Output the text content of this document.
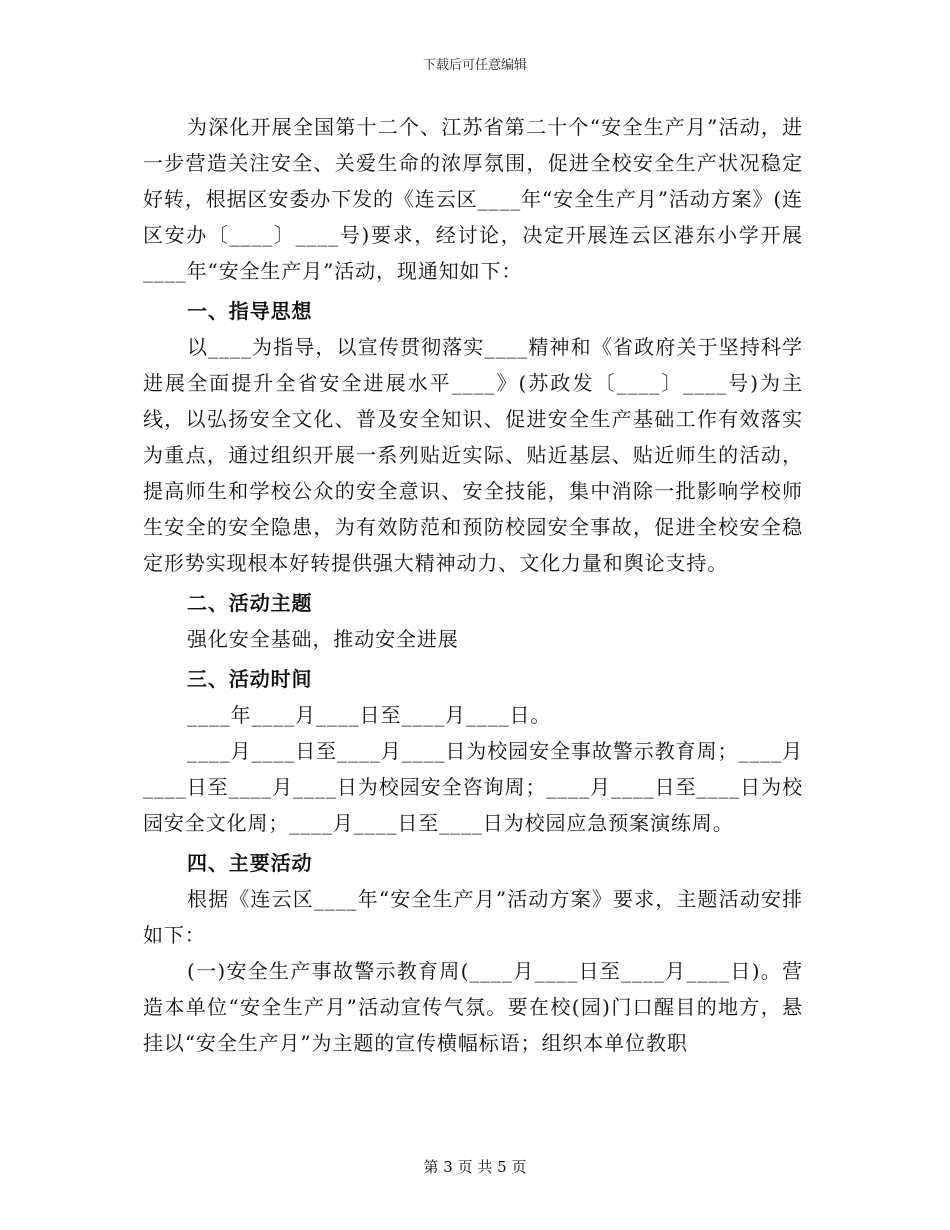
下载后可任意编辑

为深化开展全国第十二个、江苏省第二十个“安全生产月”活动，进一步营造关注安全、关爱生命的浓厚氛围，促进全校安全生产状况稳定好转，根据区安委办下发的《连云区____年“安全生产月”活动方案》(连区安办〔____〕____号)要求，经讨论，决定开展连云区港东小学开展____年“安全生产月”活动，现通知如下：

一、指导思想

以____为指导，以宣传贯彻落实____精神和《省政府关于坚持科学进展全面提升全省安全进展水平____》(苏政发〔____〕____号)为主线，以弘扬安全文化、普及安全知识、促进安全生产基础工作有效落实为重点，通过组织开展一系列贴近实际、贴近基层、贴近师生的活动，提高师生和学校公众的安全意识、安全技能，集中消除一批影响学校师生安全的安全隐患，为有效防范和预防校园安全事故，促进全校安全稳定形势实现根本好转提供强大精神动力、文化力量和舆论支持。

二、活动主题

强化安全基础，推动安全进展

三、活动时间

____年____月____日至____月____日。

____月____日至____月____日为校园安全事故警示教育周；____月____日至____月____日为校园安全咨询周；____月____日至____日为校园安全文化周；____月____日至____日为校园应急预案演练周。

四、主要活动

根据《连云区____年“安全生产月”活动方案》要求，主题活动安排如下：

(一)安全生产事故警示教育周(____月____日至____月____日)。营造本单位“安全生产月”活动宣传气氛。要在校(园)门口醒目的地方，悬挂以“安全生产月”为主题的宣传横幅标语；组织本单位教职

第 3 页 共 5 页
